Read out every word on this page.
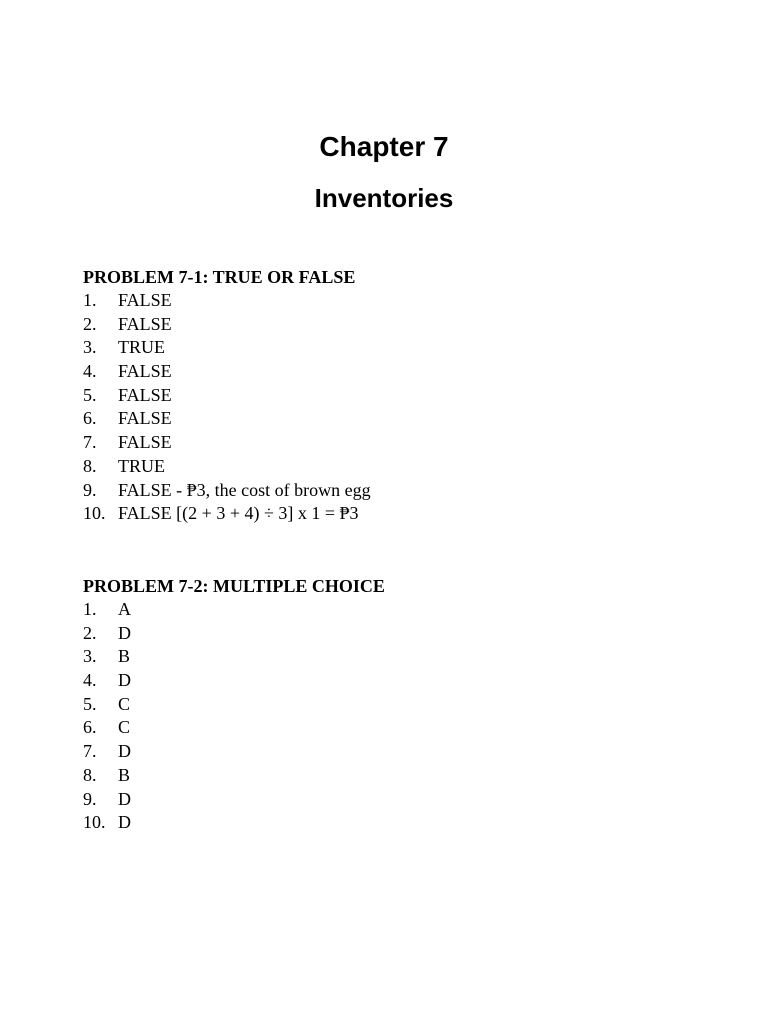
Chapter 7
Inventories
PROBLEM 7-1: TRUE OR FALSE
1. FALSE
2. FALSE
3. TRUE
4. FALSE
5. FALSE
6. FALSE
7. FALSE
8. TRUE
9. FALSE - ₱3, the cost of brown egg
10. FALSE [(2 + 3 + 4) ÷ 3] x 1 = ₱3
PROBLEM 7-2: MULTIPLE CHOICE
1. A
2. D
3. B
4. D
5. C
6. C
7. D
8. B
9. D
10. D
